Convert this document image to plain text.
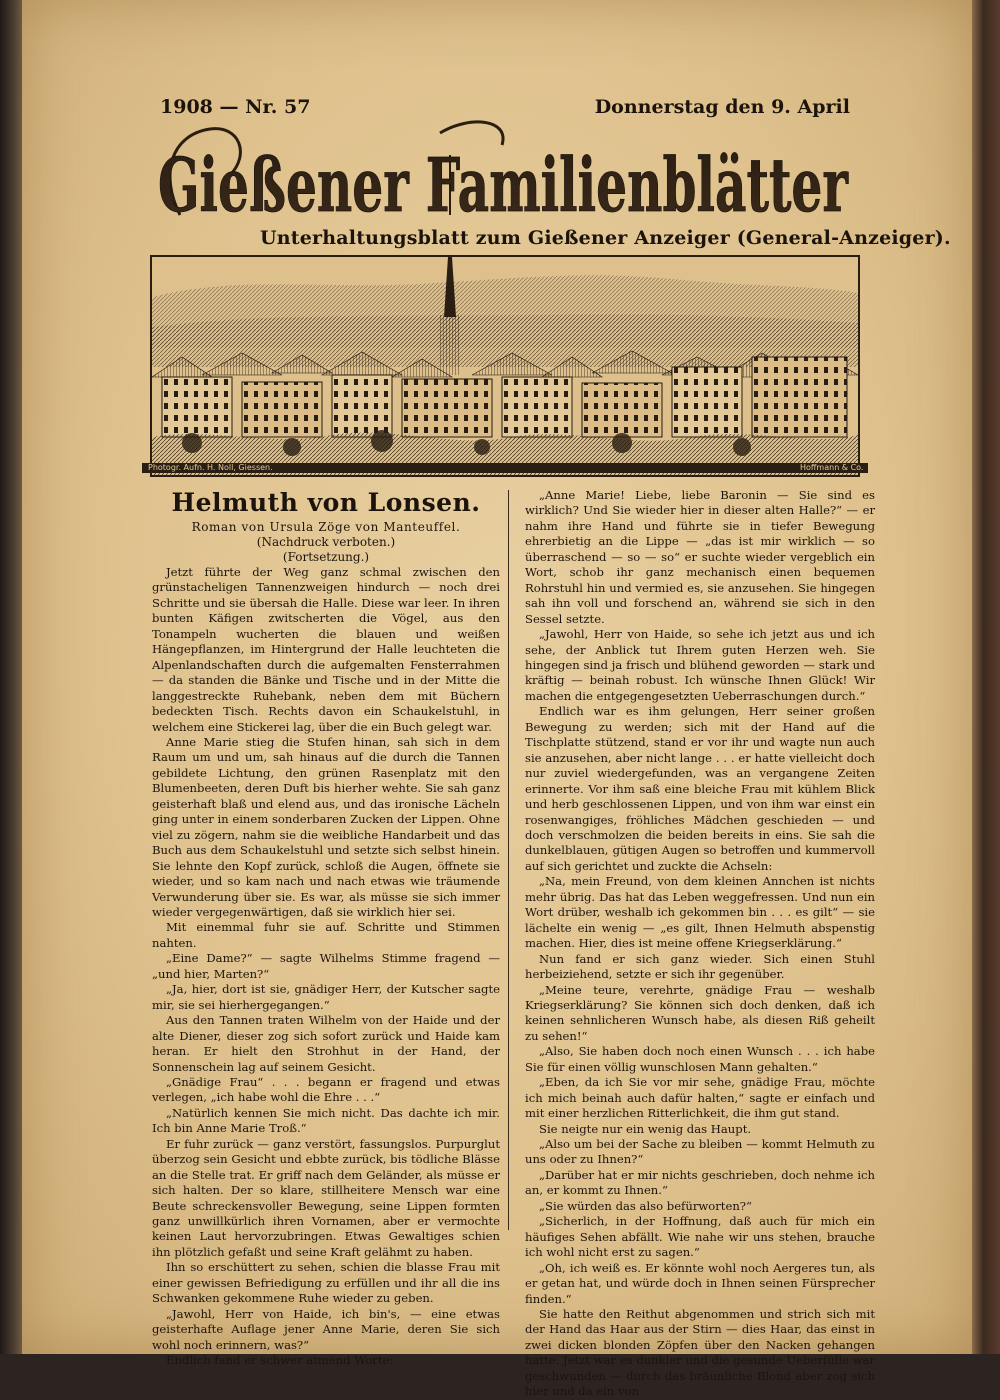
1908 — Nr. 57	Donnerstag den 9. April
Gießener Familienblätter
Unterhaltungsblatt zum Gießener Anzeiger (General-Anzeiger).
Photogr. Aufn. H. Noll, Giessen.	Hoffmann & Co.
Helmuth von Lonsen.
Roman von Ursula Zöge von Manteuffel.
(Nachdruck verboten.)
(Fortsetzung.)

Jetzt führte der Weg ganz schmal zwischen den grünstacheligen Tannenzweigen hindurch — noch drei Schritte und sie übersah die Halle. Diese war leer. In ihren bunten Käfigen zwitscherten die Vögel, aus den Tonampeln wucherten die blauen und weißen Hängepflanzen, im Hintergrund der Halle leuchteten die Alpenlandschaften durch die aufgemalten Fensterrahmen — da standen die Bänke und Tische und in der Mitte die langgestreckte Ruhebank, neben dem mit Büchern bedeckten Tisch. Rechts davon ein Schaukelstuhl, in welchem eine Stickerei lag, über die ein Buch gelegt war.

Anne Marie stieg die Stufen hinan, sah sich in dem Raum um und um, sah hinaus auf die durch die Tannen gebildete Lichtung, den grünen Rasenplatz mit den Blumenbeeten, deren Duft bis hierher wehte. Sie sah ganz geisterhaft blaß und elend aus, und das ironische Lächeln ging unter in einem sonderbaren Zucken der Lippen. Ohne viel zu zögern, nahm sie die weibliche Handarbeit und das Buch aus dem Schaukelstuhl und setzte sich selbst hinein. Sie lehnte den Kopf zurück, schloß die Augen, öffnete sie wieder, und so kam nach und nach etwas wie träumende Verwunderung über sie. Es war, als müsse sie sich immer wieder vergegenwärtigen, daß sie wirklich hier sei.

Mit einemmal fuhr sie auf. Schritte und Stimmen nahten.

„Eine Dame?“ — sagte Wilhelms Stimme fragend — „und hier, Marten?“

„Ja, hier, dort ist sie, gnädiger Herr, der Kutscher sagte mir, sie sei hierhergegangen.“

Aus den Tannen traten Wilhelm von der Haide und der alte Diener, dieser zog sich sofort zurück und Haide kam heran. Er hielt den Strohhut in der Hand, der Sonnenschein lag auf seinem Gesicht.

„Gnädige Frau“ . . . begann er fragend und etwas verlegen, „ich habe wohl die Ehre . . .“

„Natürlich kennen Sie mich nicht. Das dachte ich mir. Ich bin Anne Marie Troß.“

Er fuhr zurück — ganz verstört, fassungslos. Purpurglut überzog sein Gesicht und ebbte zurück, bis tödliche Blässe an die Stelle trat. Er griff nach dem Geländer, als müsse er sich halten. Der so klare, stillheitere Mensch war eine Beute schreckensvoller Bewegung, seine Lippen formten ganz unwillkürlich ihren Vornamen, aber er vermochte keinen Laut hervorzubringen. Etwas Gewaltiges schien ihn plötzlich gefaßt und seine Kraft gelähmt zu haben.

Ihn so erschüttert zu sehen, schien die blasse Frau mit einer gewissen Befriedigung zu erfüllen und ihr all die ins Schwanken gekommene Ruhe wieder zu geben.

„Jawohl, Herr von Haide, ich bin's, — eine etwas geisterhafte Auflage jener Anne Marie, deren Sie sich wohl noch erinnern, was?“

Endlich fand er schwer atmend Worte:

„Anne Marie! Liebe, liebe Baronin — Sie sind es wirklich? Und Sie wieder hier in dieser alten Halle?“ — er nahm ihre Hand und führte sie in tiefer Bewegung ehrerbietig an die Lippe — „das ist mir wirklich — so überraschend — so — so“ er suchte wieder vergeblich ein Wort, schob ihr ganz mechanisch einen bequemen Rohrstuhl hin und vermied es, sie anzusehen. Sie hingegen sah ihn voll und forschend an, während sie sich in den Sessel setzte.

„Jawohl, Herr von Haide, so sehe ich jetzt aus und ich sehe, der Anblick tut Ihrem guten Herzen weh. Sie hingegen sind ja frisch und blühend geworden — stark und kräftig — beinah robust. Ich wünsche Ihnen Glück! Wir machen die entgegengesetzten Ueberraschungen durch.“

Endlich war es ihm gelungen, Herr seiner großen Bewegung zu werden; sich mit der Hand auf die Tischplatte stützend, stand er vor ihr und wagte nun auch sie anzusehen, aber nicht lange . . . er hatte vielleicht doch nur zuviel wiedergefunden, was an vergangene Zeiten erinnerte. Vor ihm saß eine bleiche Frau mit kühlem Blick und herb geschlossenen Lippen, und von ihm war einst ein rosenwangiges, fröhliches Mädchen geschieden — und doch verschmolzen die beiden bereits in eins. Sie sah die dunkelblauen, gütigen Augen so betroffen und kummervoll auf sich gerichtet und zuckte die Achseln:

„Na, mein Freund, von dem kleinen Annchen ist nichts mehr übrig. Das hat das Leben weggefressen. Und nun ein Wort drüber, weshalb ich gekommen bin . . . es gilt“ — sie lächelte ein wenig — „es gilt, Ihnen Helmuth abspenstig machen. Hier, dies ist meine offene Kriegserklärung.“

Nun fand er sich ganz wieder. Sich einen Stuhl herbeiziehend, setzte er sich ihr gegenüber.

„Meine teure, verehrte, gnädige Frau — weshalb Kriegserklärung? Sie können sich doch denken, daß ich keinen sehnlicheren Wunsch habe, als diesen Riß geheilt zu sehen!“

„Also, Sie haben doch noch einen Wunsch . . . ich habe Sie für einen völlig wunschlosen Mann gehalten.“

„Eben, da ich Sie vor mir sehe, gnädige Frau, möchte ich mich beinah auch dafür halten,“ sagte er einfach und mit einer herzlichen Ritterlichkeit, die ihm gut stand.

Sie neigte nur ein wenig das Haupt.

„Also um bei der Sache zu bleiben — kommt Helmuth zu uns oder zu Ihnen?“

„Darüber hat er mir nichts geschrieben, doch nehme ich an, er kommt zu Ihnen.“

„Sie würden das also befürworten?“

„Sicherlich, in der Hoffnung, daß auch für mich ein häufiges Sehen abfällt. Wie nahe wir uns stehen, brauche ich wohl nicht erst zu sagen.“

„Oh, ich weiß es. Er könnte wohl noch Aergeres tun, als er getan hat, und würde doch in Ihnen seinen Fürsprecher finden.“

Sie hatte den Reithut abgenommen und strich sich mit der Hand das Haar aus der Stirn — dies Haar, das einst in zwei dicken blonden Zöpfen über den Nacken gehangen hatte. Jetzt war es dunkler und die gesunde Ueberfülle war geschwunden — durch das bräunliche Blond aber zog sich hier und da ein von
